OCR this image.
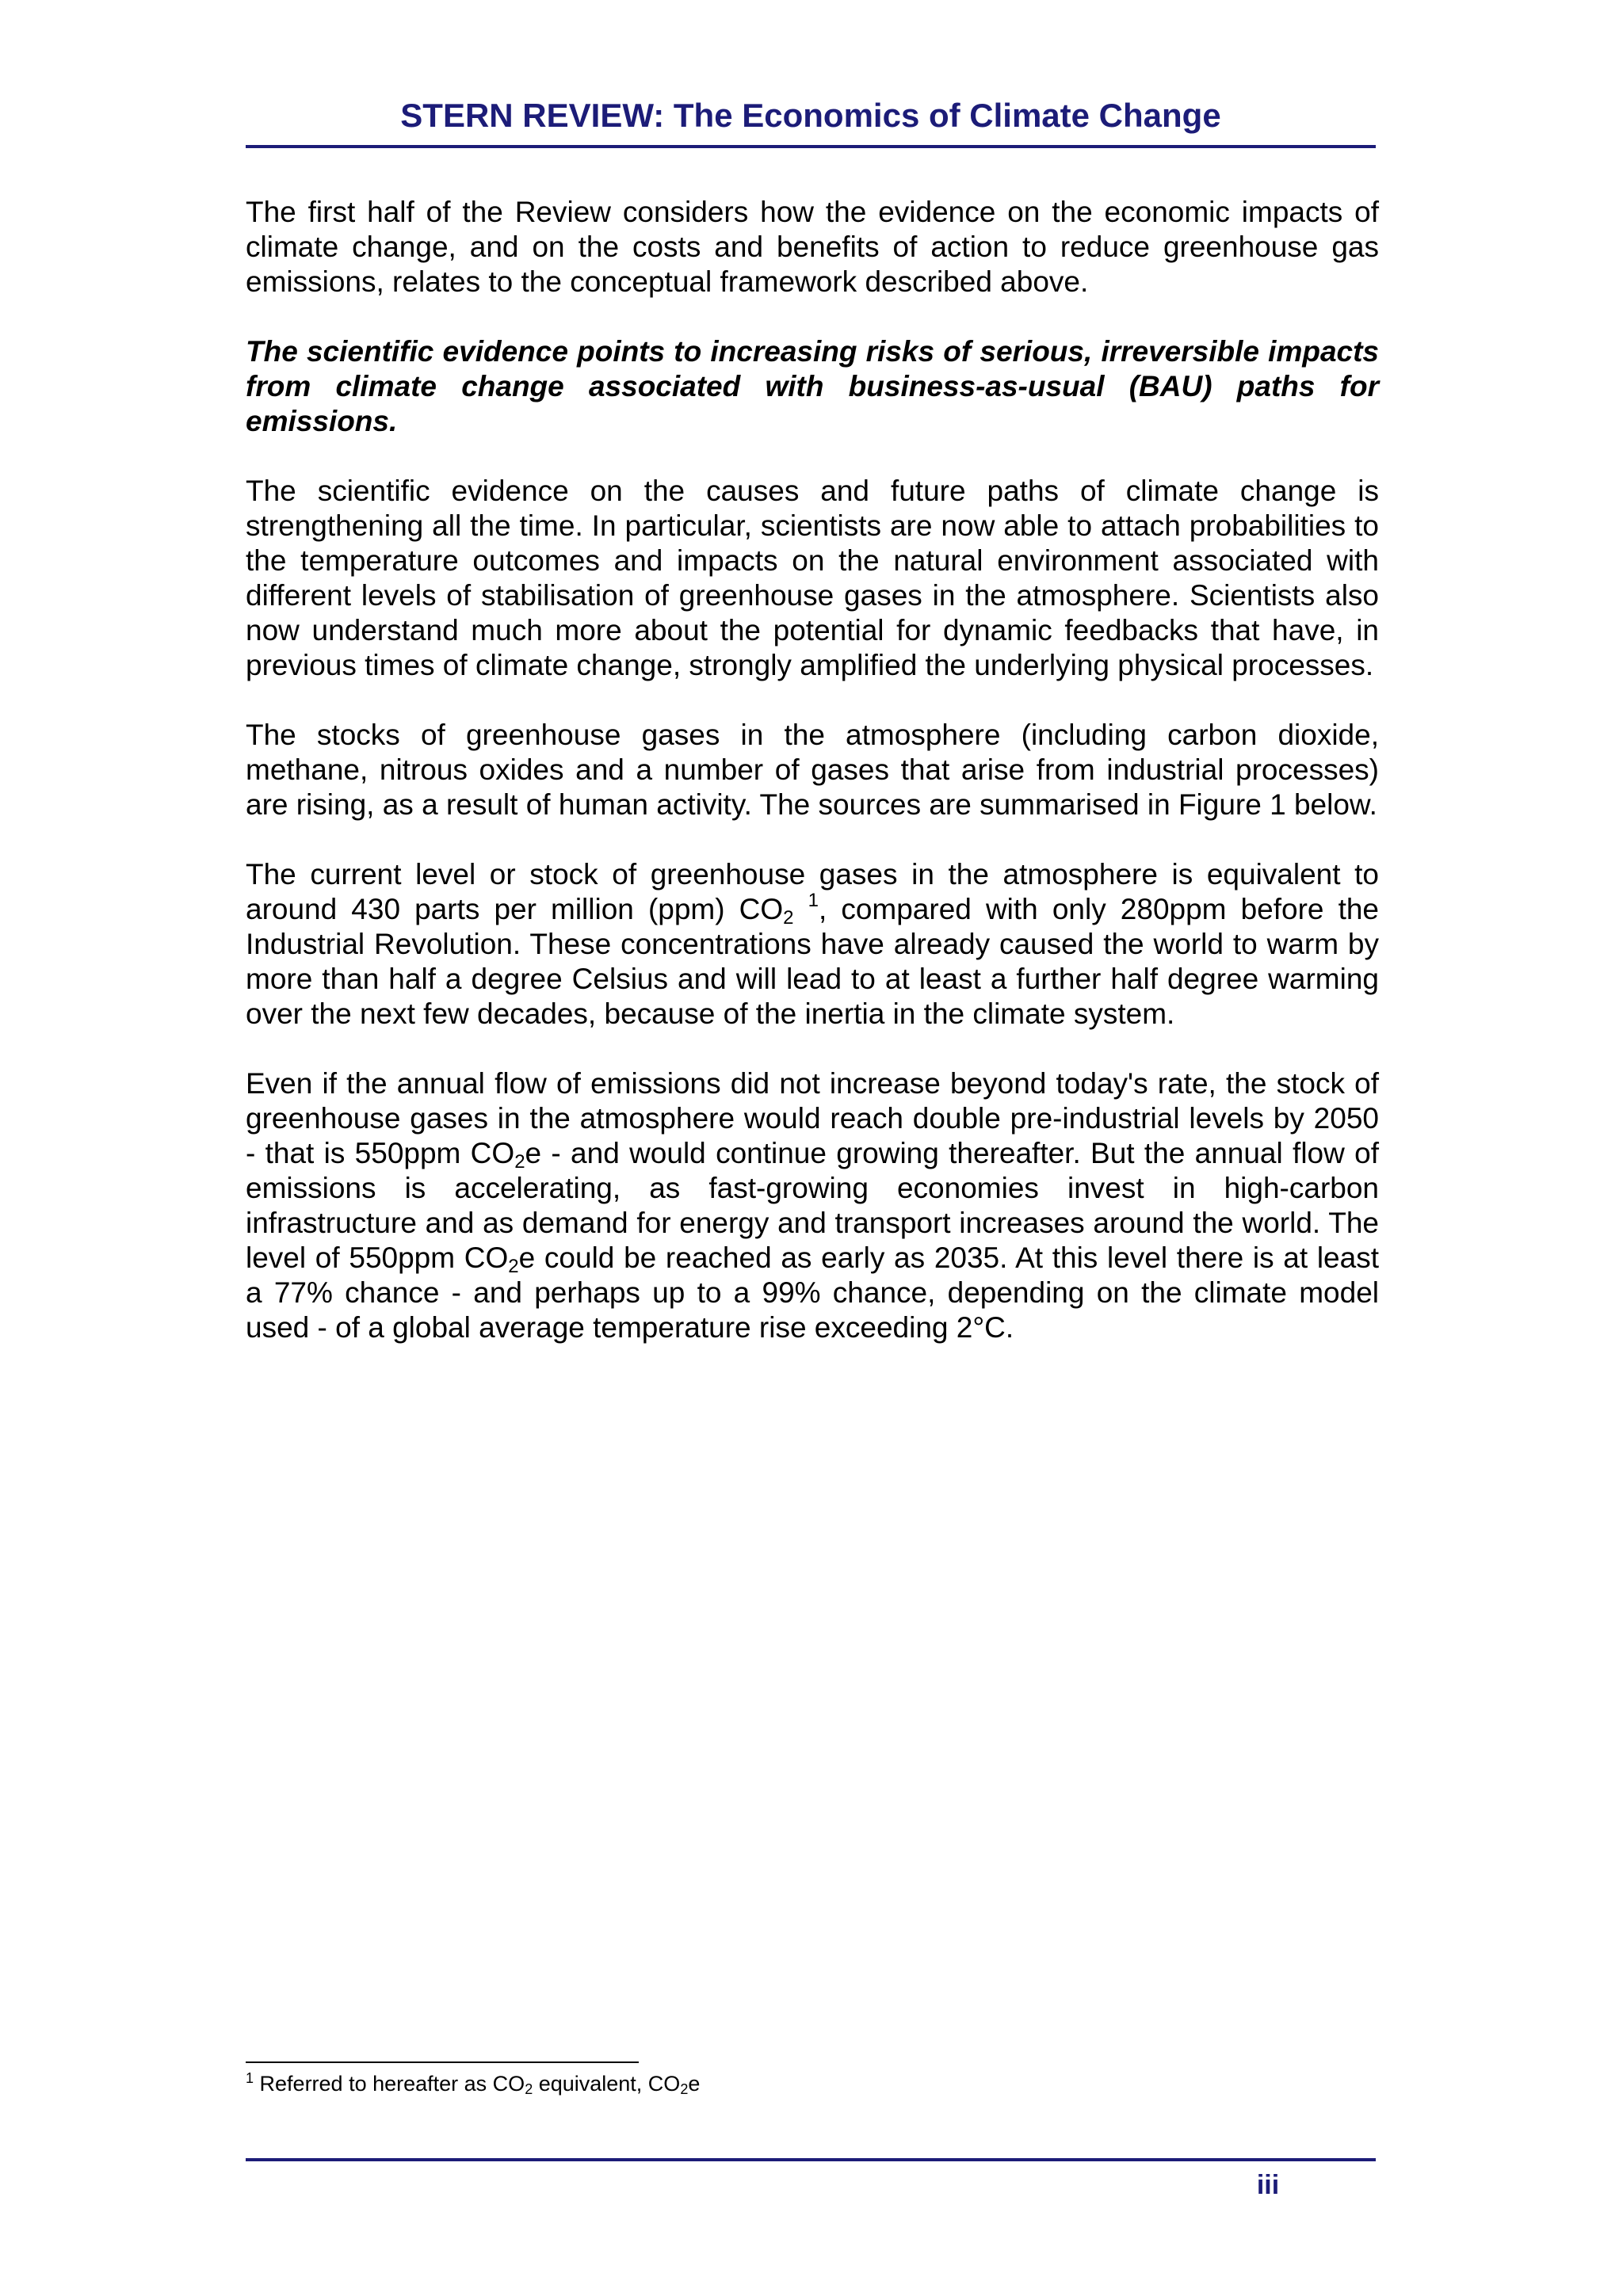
STERN REVIEW: The Economics of Climate Change

The first half of the Review considers how the evidence on the economic impacts of climate change, and on the costs and benefits of action to reduce greenhouse gas emissions, relates to the conceptual framework described above.

The scientific evidence points to increasing risks of serious, irreversible impacts from climate change associated with business-as-usual (BAU) paths for emissions.

The scientific evidence on the causes and future paths of climate change is strengthening all the time. In particular, scientists are now able to attach probabilities to the temperature outcomes and impacts on the natural environment associated with different levels of stabilisation of greenhouse gases in the atmosphere. Scientists also now understand much more about the potential for dynamic feedbacks that have, in previous times of climate change, strongly amplified the underlying physical processes.

The stocks of greenhouse gases in the atmosphere (including carbon dioxide, methane, nitrous oxides and a number of gases that arise from industrial processes) are rising, as a result of human activity. The sources are summarised in Figure 1 below.

The current level or stock of greenhouse gases in the atmosphere is equivalent to around 430 parts per million (ppm) $CO_2$ $^1$, compared with only 280ppm before the Industrial Revolution. These concentrations have already caused the world to warm by more than half a degree Celsius and will lead to at least a further half degree warming over the next few decades, because of the inertia in the climate system.

Even if the annual flow of emissions did not increase beyond today's rate, the stock of greenhouse gases in the atmosphere would reach double pre-industrial levels by 2050 - that is 550ppm $CO_2e$ - and would continue growing thereafter. But the annual flow of emissions is accelerating, as fast-growing economies invest in high-carbon infrastructure and as demand for energy and transport increases around the world. The level of 550ppm $CO_2e$ could be reached as early as 2035. At this level there is at least a 77% chance - and perhaps up to a 99% chance, depending on the climate model used - of a global average temperature rise exceeding 2°C.

$^1$ Referred to hereafter as $CO_2$ equivalent, $CO_2e$
iii
